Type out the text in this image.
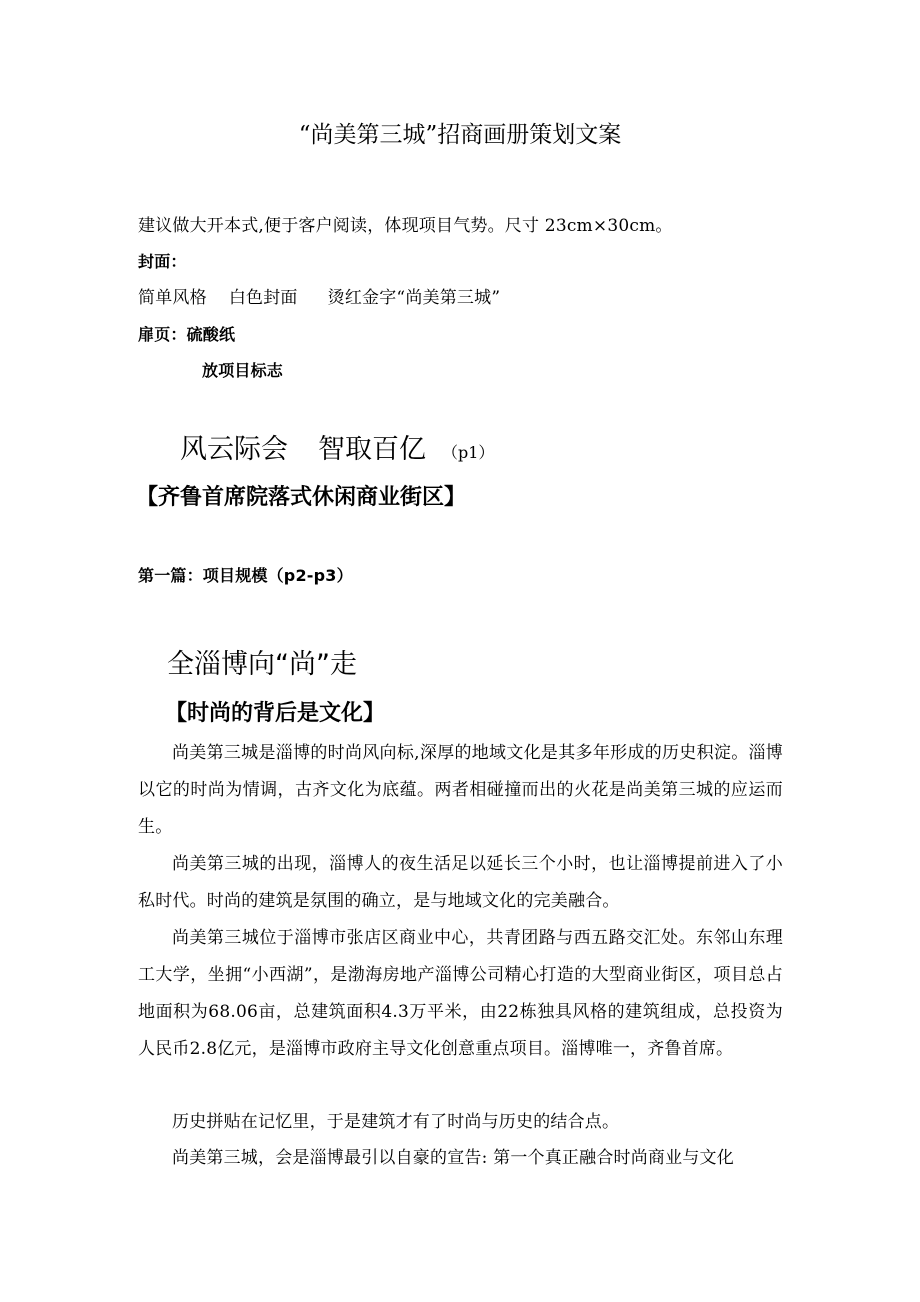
“尚美第三城”招商画册策划文案
建议做大开本式,便于客户阅读，体现项目气势。尺寸 23cm×30cm。
封面：
简单风格 白色封面 烫红金字“尚美第三城”
扉页：硫酸纸
放项目标志
风云际会 智取百亿 （p1）
【齐鲁首席院落式休闲商业街区】
第一篇：项目规模（p2-p3）
全淄博向“尚”走
【时尚的背后是文化】
尚美第三城是淄博的时尚风向标,深厚的地域文化是其多年形成的历史积淀。淄博以它的时尚为情调，古齐文化为底蕴。两者相碰撞而出的火花是尚美第三城的应运而生。
尚美第三城的出现，淄博人的夜生活足以延长三个小时，也让淄博提前进入了小私时代。时尚的建筑是氛围的确立，是与地域文化的完美融合。
尚美第三城位于淄博市张店区商业中心，共青团路与西五路交汇处。东邻山东理工大学，坐拥“小西湖”，是渤海房地产淄博公司精心打造的大型商业街区，项目总占地面积为68.06亩，总建筑面积4.3万平米，由22栋独具风格的建筑组成，总投资为人民币2.8亿元，是淄博市政府主导文化创意重点项目。淄博唯一，齐鲁首席。
历史拼贴在记忆里，于是建筑才有了时尚与历史的结合点。
尚美第三城，会是淄博最引以自豪的宣告: 第一个真正融合时尚商业与文化
